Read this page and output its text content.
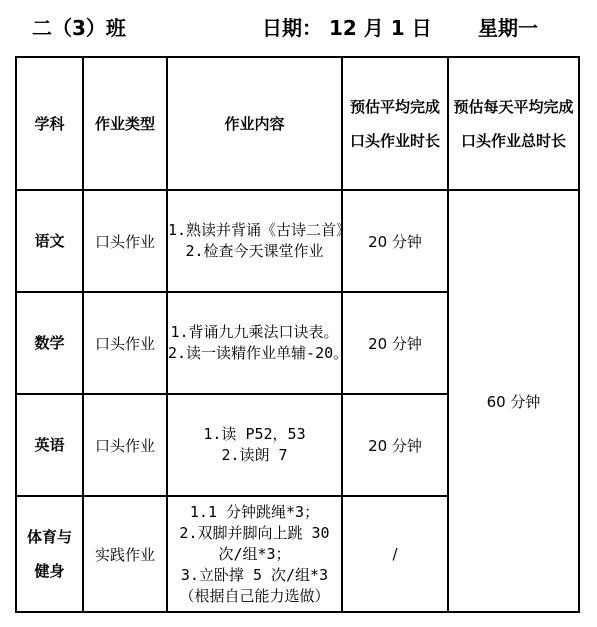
二（3）班	日期： 12 月 1 日 星期一
学科	作业类型	作业内容	预估平均完成口头作业时长	预估每天平均完成口头作业总时长
语文	口头作业	1.熟读并背诵《古诗二首》
2.检查今天课堂作业	20 分钟	60 分钟
数学	口头作业	1.背诵九九乘法口诀表。
2.读一读精作业单辅-20。	20 分钟	
英语	口头作业	1.读 P52，53
2.读朗 7	20 分钟	
体育与健身	实践作业	1.1 分钟跳绳*3；
2.双脚并脚向上跳 30 次/组*3；
3.立卧撑 5 次/组*3（根据自己能力选做）	/	
